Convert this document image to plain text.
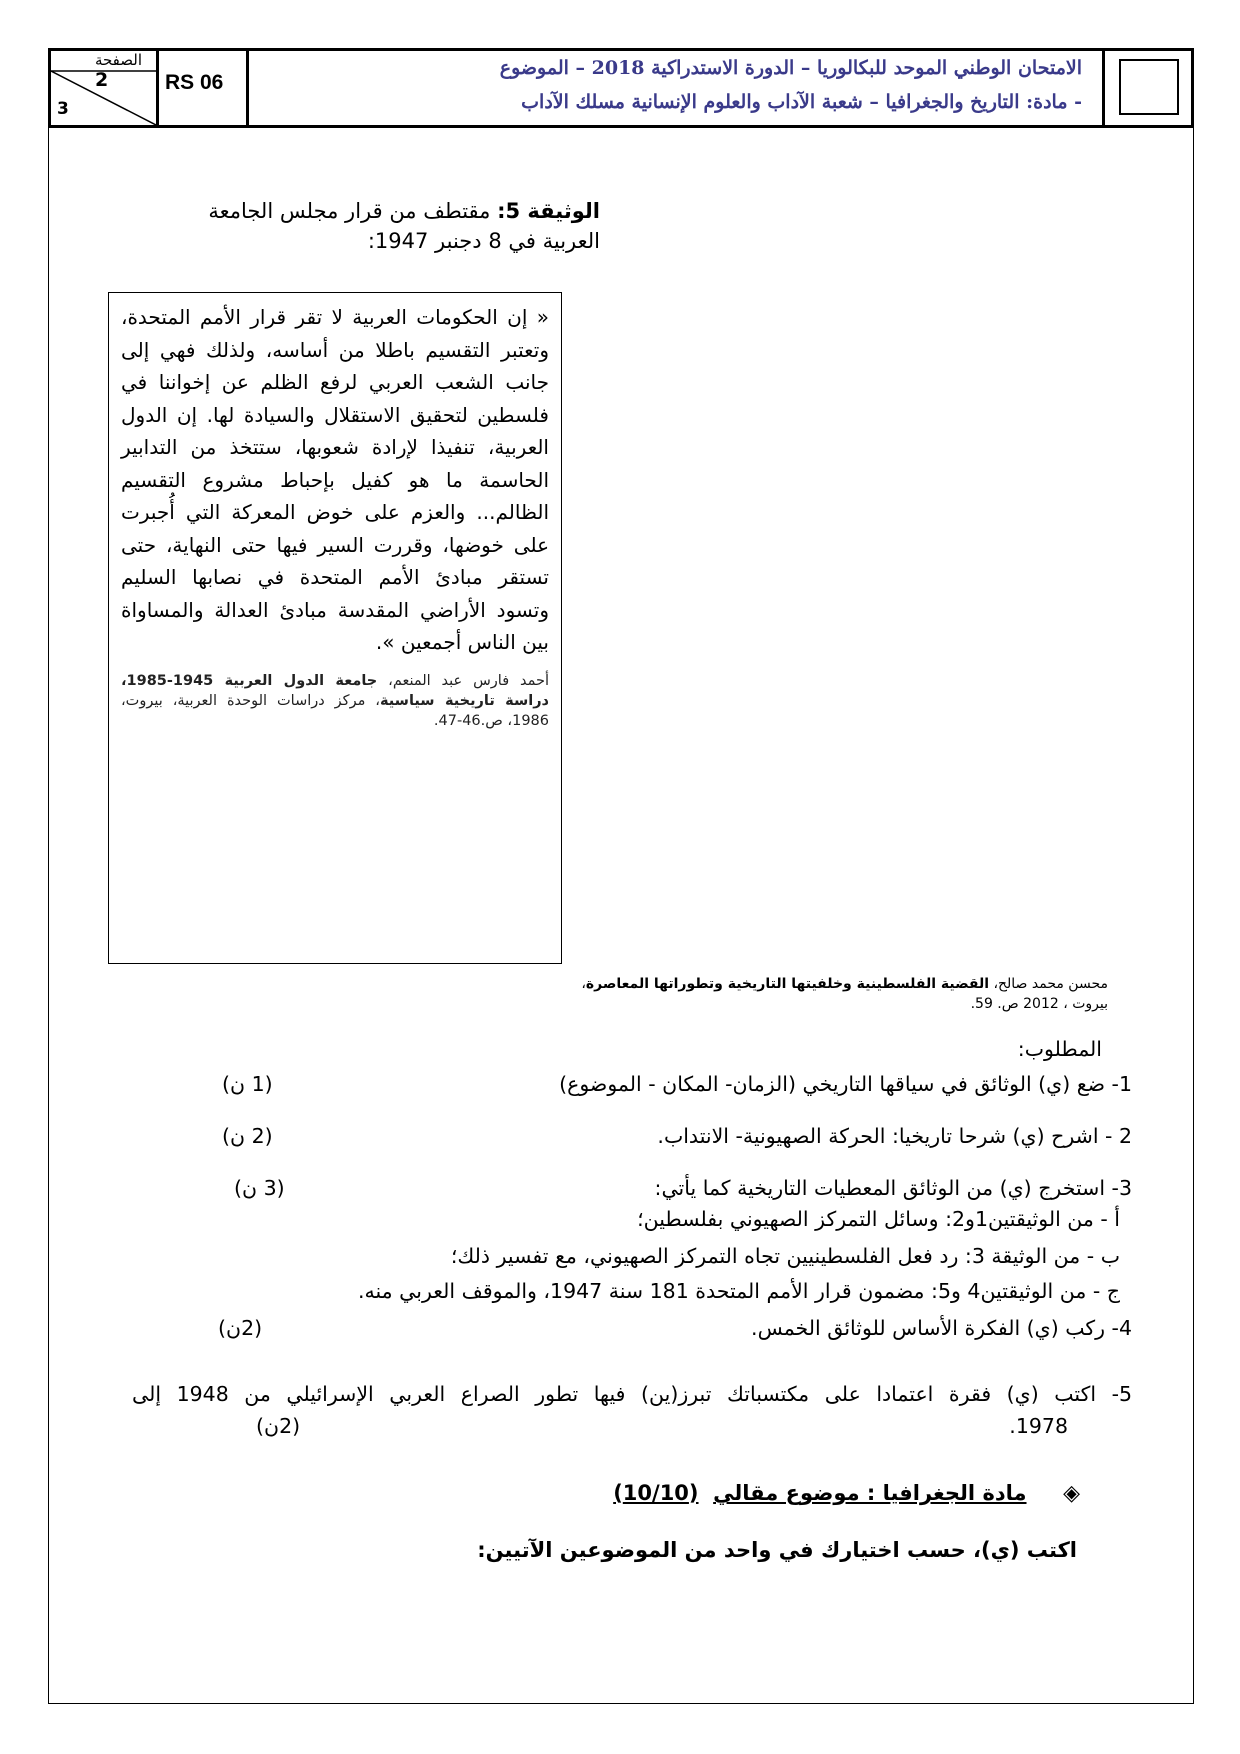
الصفحة
2
3
RS 06
الامتحان الوطني الموحد للبكالوريا – الدورة الاستدراكية 2018 – الموضوع
- مادة: التاريخ والجغرافيا – شعبة الآداب والعلوم الإنسانية مسلك الآداب
الوثيقة 5: مقتطف من قرار مجلس الجامعة العربية في 8 دجنبر 1947:
« إن الحكومات العربية لا تقر قرار الأمم المتحدة، وتعتبر التقسيم باطلا من أساسه، ولذلك فهي إلى جانب الشعب العربي لرفع الظلم عن إخواننا في فلسطين لتحقيق الاستقلال والسيادة لها. إن الدول العربية، تنفيذا لإرادة شعوبها، ستتخذ من التدابير الحاسمة ما هو كفيل بإحباط مشروع التقسيم الظالم... والعزم على خوض المعركة التي أُجبرت على خوضها، وقررت السير فيها حتى النهاية، حتى تستقر مبادئ الأمم المتحدة في نصابها السليم وتسود الأراضي المقدسة مبادئ العدالة والمساواة بين الناس أجمعين ».
أحمد فارس عبد المنعم، جامعة الدول العربية 1945-1985، دراسة تاريخية سياسية، مركز دراسات الوحدة العربية، بيروت، 1986، ص.46-47.
محسن محمد صالح، القضية الفلسطينية وخلفيتها التاريخية وتطوراتها المعاصرة، بيروت ، 2012 ص. 59.
المطلوب:
1- ضع (ي) الوثائق في سياقها التاريخي (الزمان- المكان - الموضوع)
(1 ن)
2 - اشرح (ي) شرحا تاريخيا: الحركة الصهيونية- الانتداب.
(2 ن)
3- استخرج (ي) من الوثائق المعطيات التاريخية كما يأتي:
(3 ن)
أ - من الوثيقتين1و2: وسائل التمركز الصهيوني بفلسطين؛
ب - من الوثيقة 3: رد فعل الفلسطينيين تجاه التمركز الصهيوني، مع تفسير ذلك؛
ج - من الوثيقتين4 و5: مضمون قرار الأمم المتحدة 181 سنة 1947، والموقف العربي منه.
4- ركب (ي) الفكرة الأساس للوثائق الخمس.
(2ن)
5- اكتب (ي) فقرة اعتمادا على مكتسباتك تبرز(ين) فيها تطور الصراع العربي الإسرائيلي من 1948 إلى
1978.
(2ن)
◈     مادة الجغرافيا : موضوع مقالي  (10/10)
اكتب (ي)، حسب اختيارك في واحد من الموضوعين الآتيين:
